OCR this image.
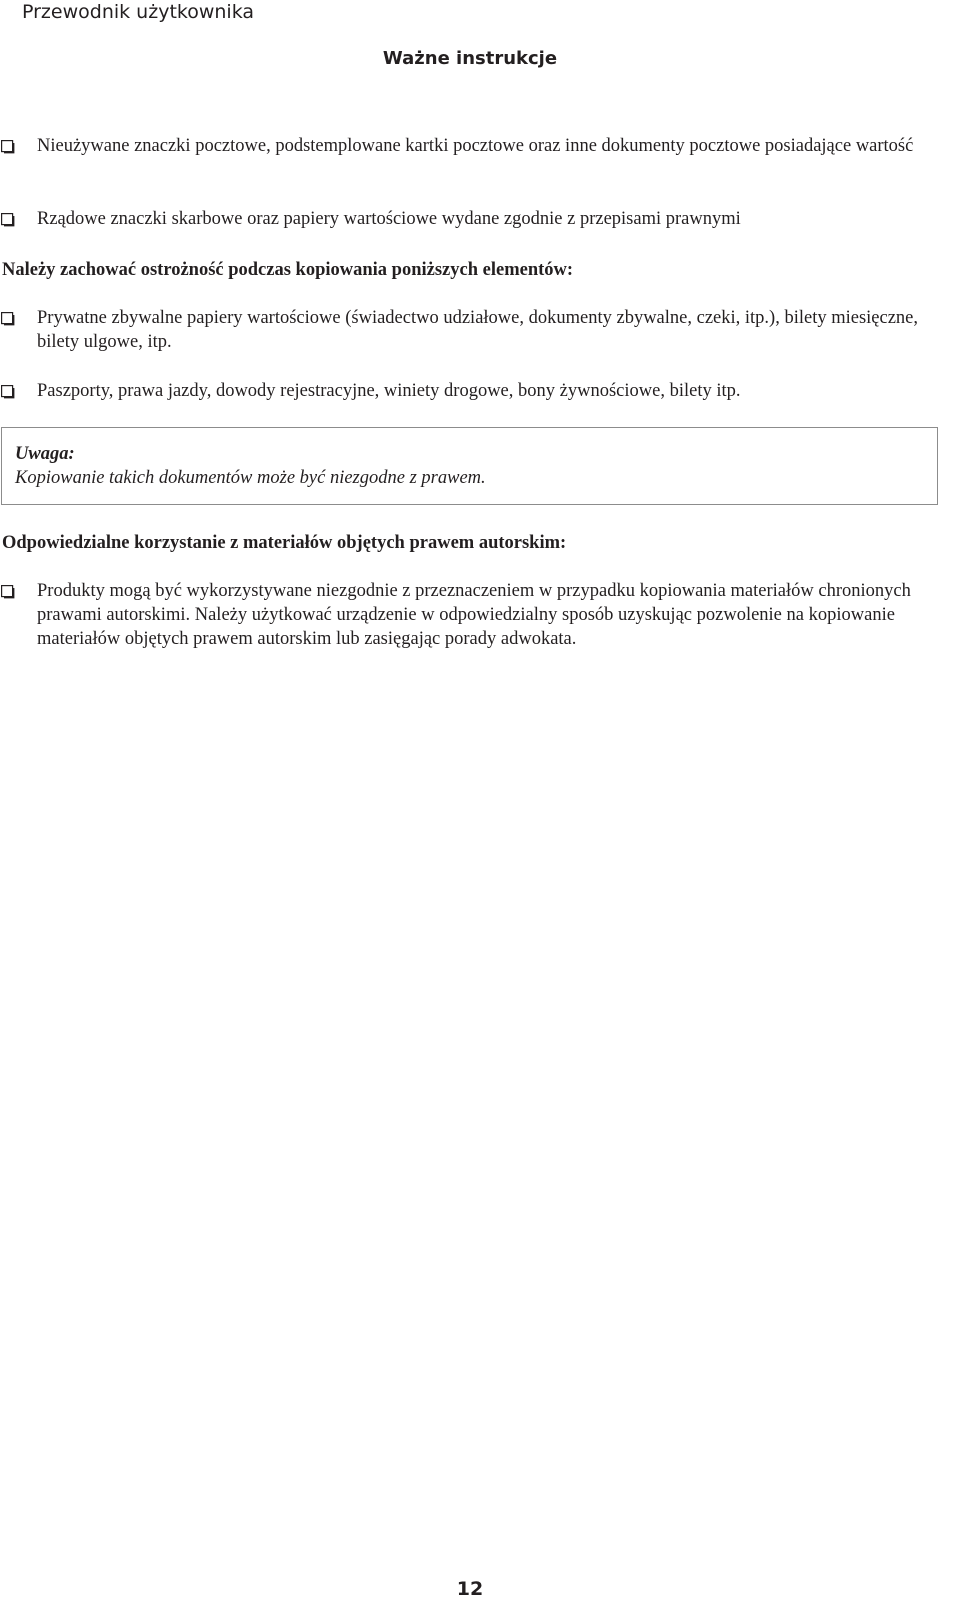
Przewodnik użytkownika
Ważne instrukcje
Nieużywane znaczki pocztowe, podstemplowane kartki pocztowe oraz inne dokumenty pocztowe posiadające wartość
Rządowe znaczki skarbowe oraz papiery wartościowe wydane zgodnie z przepisami prawnymi
Należy zachować ostrożność podczas kopiowania poniższych elementów:
Prywatne zbywalne papiery wartościowe (świadectwo udziałowe, dokumenty zbywalne, czeki, itp.), bilety miesięczne, bilety ulgowe, itp.
Paszporty, prawa jazdy, dowody rejestracyjne, winiety drogowe, bony żywnościowe, bilety itp.
Uwaga:
Kopiowanie takich dokumentów może być niezgodne z prawem.
Odpowiedzialne korzystanie z materiałów objętych prawem autorskim:
Produkty mogą być wykorzystywane niezgodnie z przeznaczeniem w przypadku kopiowania materiałów chronionych prawami autorskimi. Należy użytkować urządzenie w odpowiedzialny sposób uzyskując pozwolenie na kopiowanie materiałów objętych prawem autorskim lub zasięgając porady adwokata.
12
